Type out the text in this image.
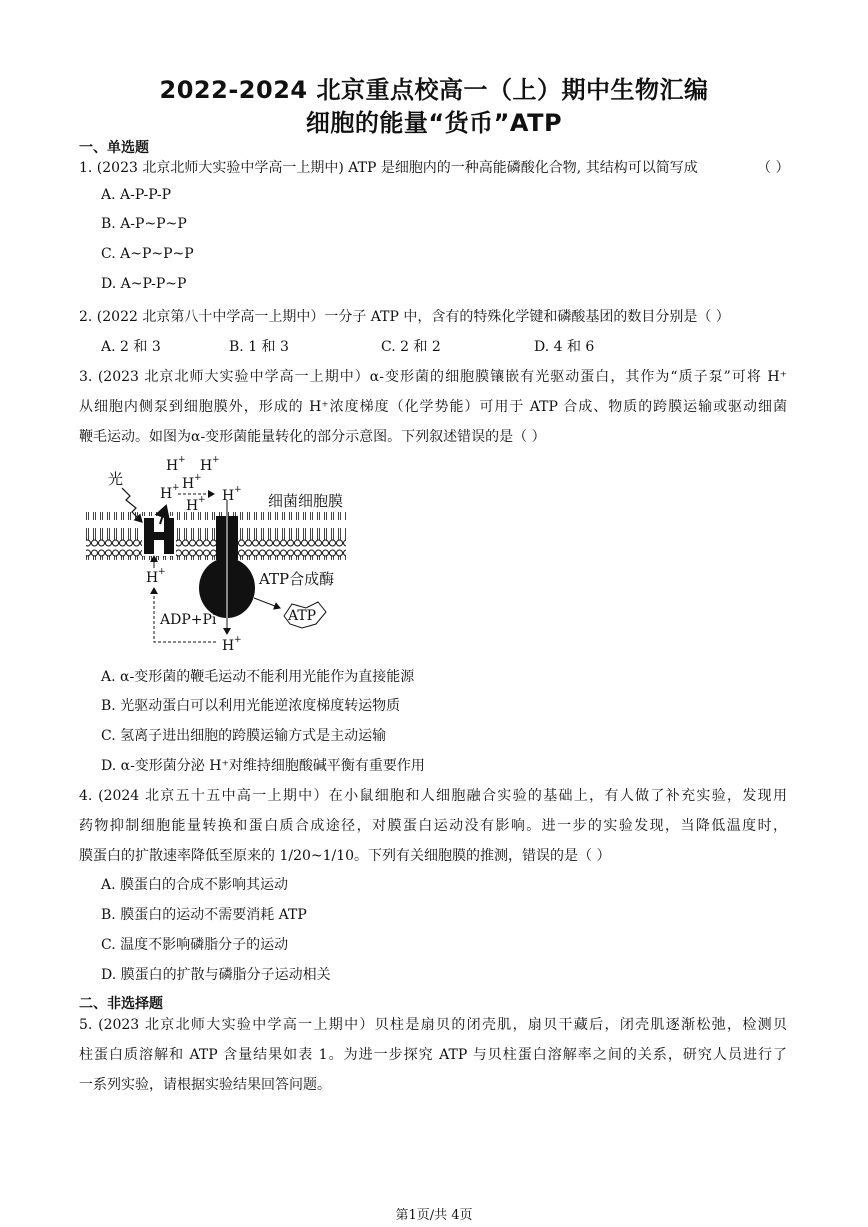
2022-2024 北京重点校高一（上）期中生物汇编
细胞的能量“货币”ATP
一、单选题
1. (2023 北京北师大实验中学高一上期中) ATP 是细胞内的一种高能磷酸化合物, 其结构可以简写成	（ ）
A. A-P-P-P
B. A-P~P~P
C. A~P~P~P
D. A~P-P~P
2. (2022 北京第八十中学高一上期中）一分子 ATP 中，含有的特殊化学键和磷酸基团的数目分别是（ ）
A. 2 和 3	B. 1 和 3	C. 2 和 2	D. 4 和 6
3. (2023 北京北师大实验中学高一上期中）α-变形菌的细胞膜镶嵌有光驱动蛋白，其作为“质子泵”可将 H⁺
从细胞内侧泵到细胞膜外，形成的 H⁺浓度梯度（化学势能）可用于 ATP 合成、物质的跨膜运输或驱动细菌
鞭毛运动。如图为α-变形菌能量转化的部分示意图。下列叙述错误的是（ ）
光
H + H +
H +
H +
H + H +
H +
H +
细菌细胞膜
ATP合成酶
ADP+Pi	ATP
A. α-变形菌的鞭毛运动不能利用光能作为直接能源
B. 光驱动蛋白可以利用光能逆浓度梯度转运物质
C. 氢离子进出细胞的跨膜运输方式是主动运输
D. α-变形菌分泌 H⁺对维持细胞酸碱平衡有重要作用
4. (2024 北京五十五中高一上期中）在小鼠细胞和人细胞融合实验的基础上，有人做了补充实验，发现用
药物抑制细胞能量转换和蛋白质合成途径，对膜蛋白运动没有影响。进一步的实验发现，当降低温度时，
膜蛋白的扩散速率降低至原来的 1/20~1/10。下列有关细胞膜的推测，错误的是（ ）
A. 膜蛋白的合成不影响其运动
B. 膜蛋白的运动不需要消耗 ATP
C. 温度不影响磷脂分子的运动
D. 膜蛋白的扩散与磷脂分子运动相关
二、非选择题
5. (2023 北京北师大实验中学高一上期中）贝柱是扇贝的闭壳肌，扇贝干藏后，闭壳肌逐渐松弛，检测贝
柱蛋白质溶解和 ATP 含量结果如表 1。为进一步探究 ATP 与贝柱蛋白溶解率之间的关系，研究人员进行了
一系列实验，请根据实验结果回答问题。
第1页/共 4页
